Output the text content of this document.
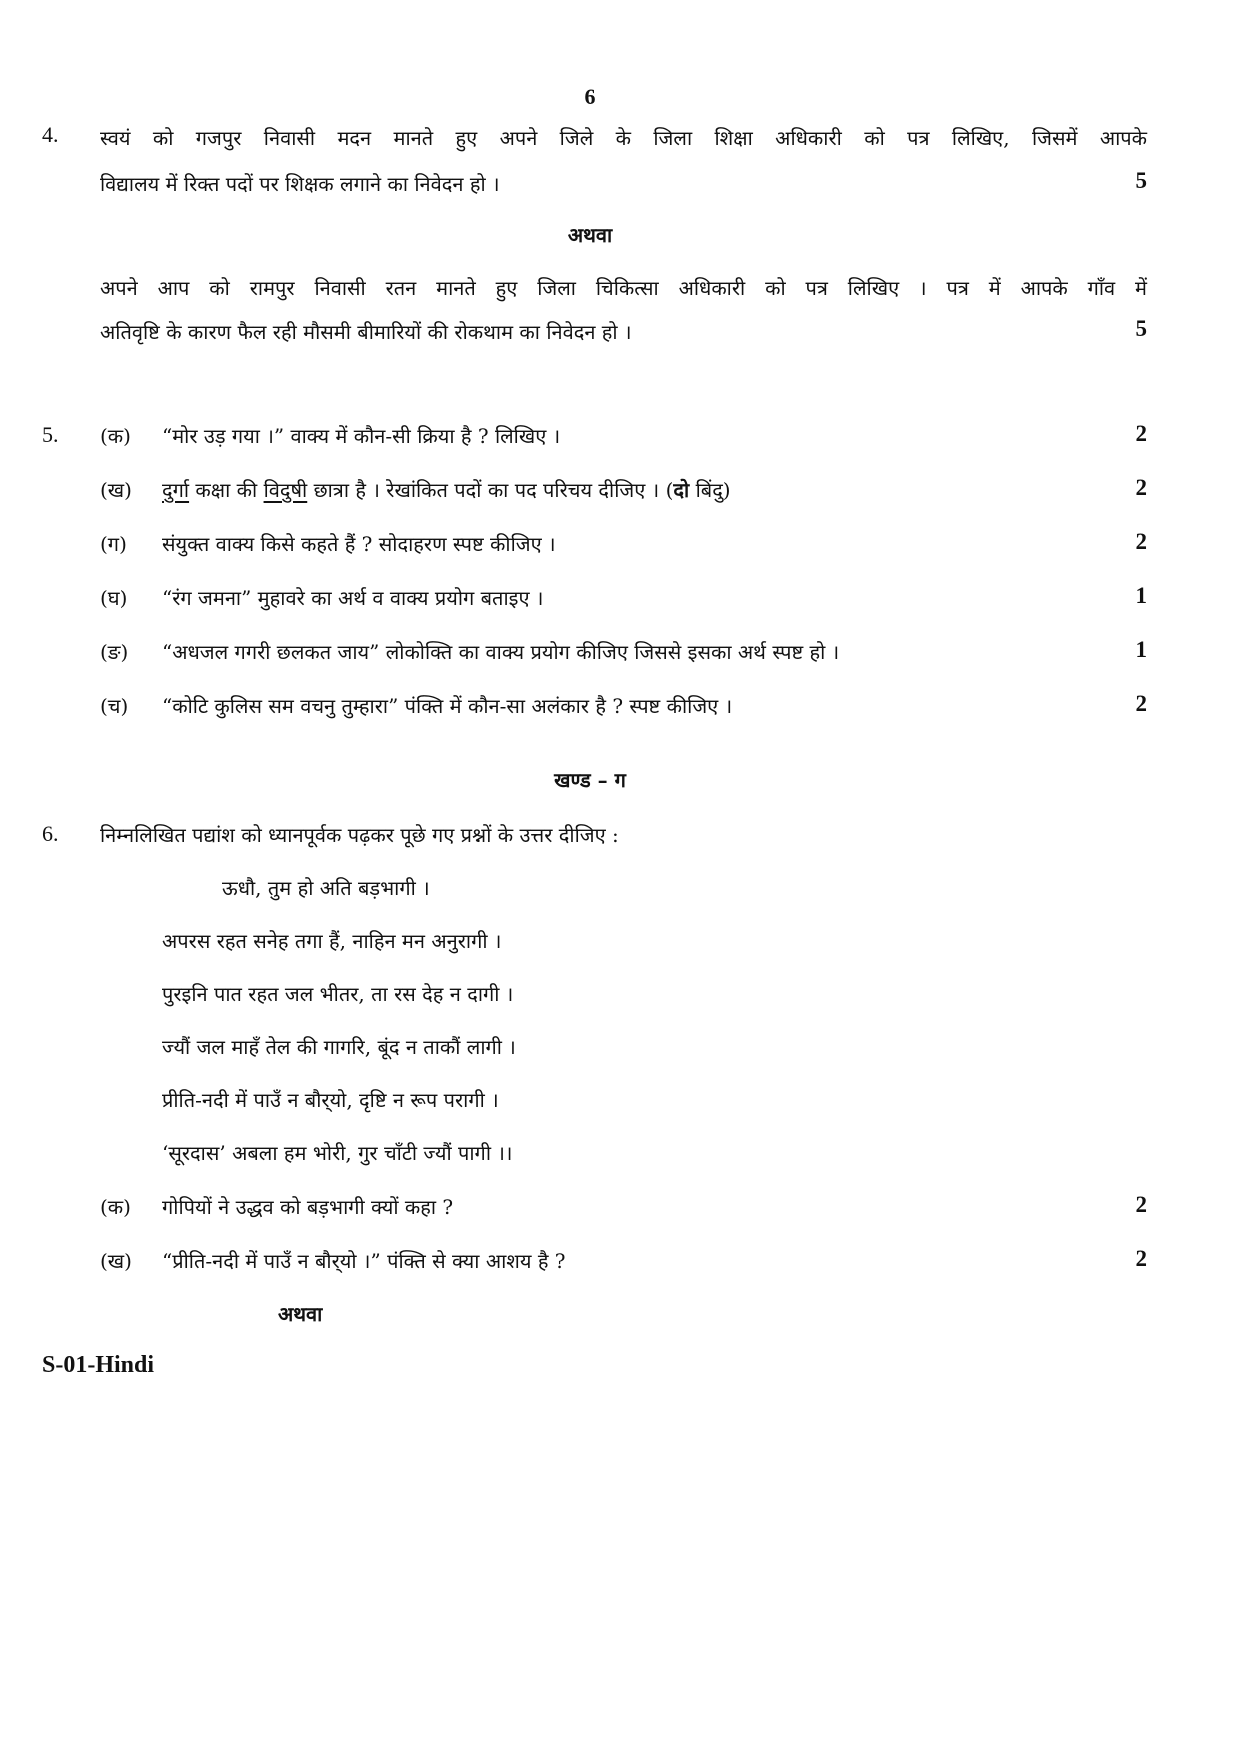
6
4. स्वयं को गजपुर निवासी मदन मानते हुए अपने जिले के जिला शिक्षा अधिकारी को पत्र लिखिए, जिसमें आपके
विद्यालय में रिक्त पदों पर शिक्षक लगाने का निवेदन हो ।	5
अथवा
अपने आप को रामपुर निवासी रतन मानते हुए जिला चिकित्सा अधिकारी को पत्र लिखिए । पत्र में आपके गाँव में
अतिवृष्टि के कारण फैल रही मौसमी बीमारियों की रोकथाम का निवेदन हो ।	5
5. (क) “मोर उड़ गया ।” वाक्य में कौन-सी क्रिया है ? लिखिए ।	2
(ख) दुर्गा कक्षा की विदुषी छात्रा है । रेखांकित पदों का पद परिचय दीजिए । (दो बिंदु)	2
(ग) संयुक्त वाक्य किसे कहते हैं ? सोदाहरण स्पष्ट कीजिए ।	2
(घ) “रंग जमना” मुहावरे का अर्थ व वाक्य प्रयोग बताइए ।	1
(ङ) “अधजल गगरी छलकत जाय” लोकोक्ति का वाक्य प्रयोग कीजिए जिससे इसका अर्थ स्पष्ट हो ।	1
(च) “कोटि कुलिस सम वचनु तुम्हारा” पंक्ति में कौन-सा अलंकार है ? स्पष्ट कीजिए ।	2
खण्ड – ग
6. निम्नलिखित पद्यांश को ध्यानपूर्वक पढ़कर पूछे गए प्रश्नों के उत्तर दीजिए :
ऊधौ, तुम हो अति बड़भागी ।
अपरस रहत सनेह तगा हैं, नाहिन मन अनुरागी ।
पुरइनि पात रहत जल भीतर, ता रस देह न दागी ।
ज्यौं जल माहँ तेल की गागरि, बूंद न ताकौं लागी ।
प्रीति-नदी में पाउँ न बौर्‌यो, दृष्टि न रूप परागी ।
‘सूरदास’ अबला हम भोरी, गुर चाँटी ज्यौं पागी ।।
(क) गोपियों ने उद्धव को बड़भागी क्यों कहा ?	2
(ख) “प्रीति-नदी में पाउँ न बौर्‌यो ।” पंक्ति से क्या आशय है ?	2
अथवा
S-01-Hindi
